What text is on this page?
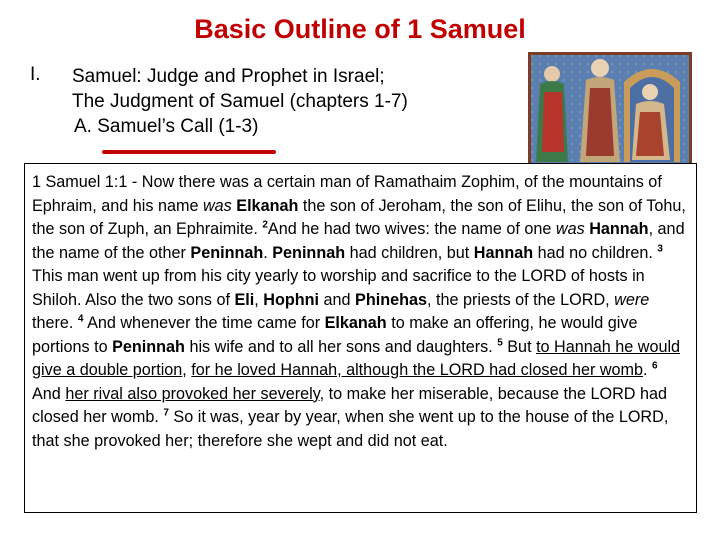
Basic Outline of 1 Samuel
I. Samuel: Judge and Prophet in Israel;
The Judgment of Samuel (chapters 1-7)
A. Samuel’s Call (1-3)

1 Samuel 1:1 - Now there was a certain man of Ramathaim Zophim, of the mountains of Ephraim, and his name was Elkanah the son of Jeroham, the son of Elihu, the son of Tohu, the son of Zuph, an Ephraimite. $^2$And he had two wives: the name of one was Hannah, and the name of the other Peninnah. Peninnah had children, but Hannah had no children. $^3$ This man went up from his city yearly to worship and sacrifice to the LORD of hosts in Shiloh. Also the two sons of Eli, Hophni and Phinehas, the priests of the LORD, were there. $^4$ And whenever the time came for Elkanah to make an offering, he would give portions to Peninnah his wife and to all her sons and daughters. $^5$ But to Hannah he would give a double portion, for he loved Hannah, although the LORD had closed her womb. $^6$ And her rival also provoked her severely, to make her miserable, because the LORD had closed her womb. $^7$ So it was, year by year, when she went up to the house of the LORD, that she provoked her; therefore she wept and did not eat.
